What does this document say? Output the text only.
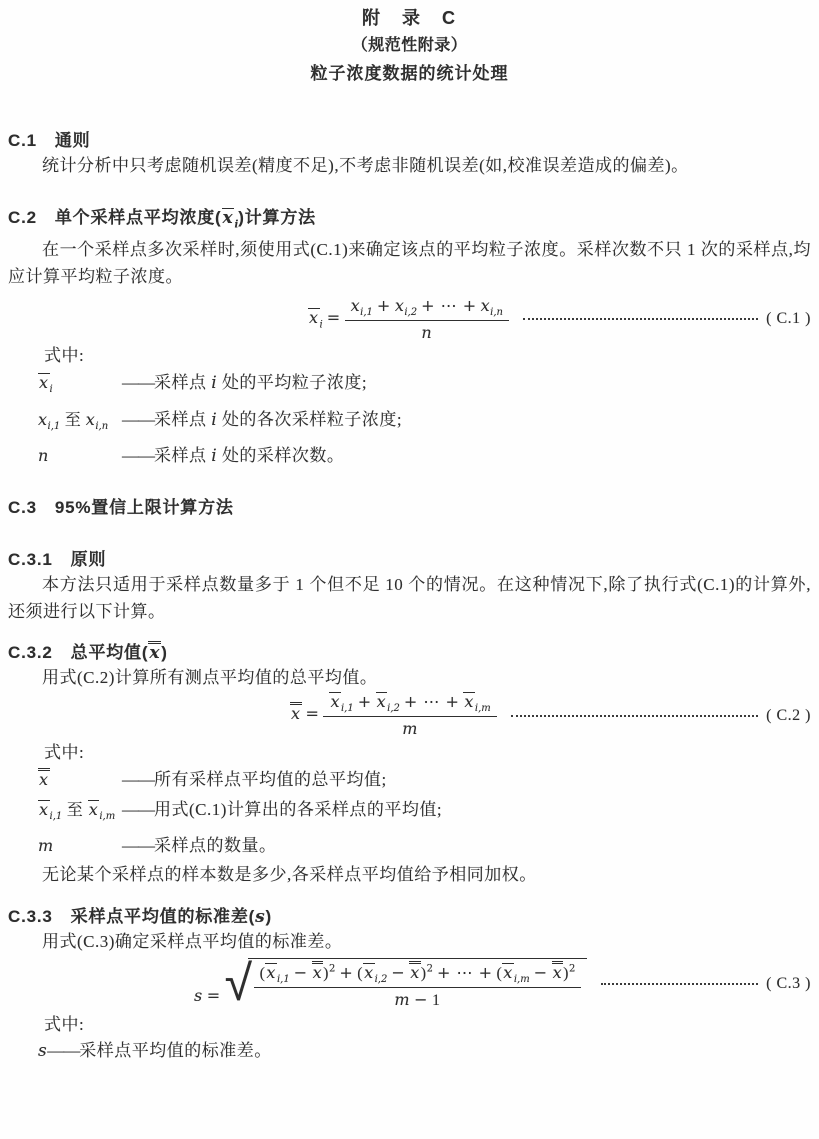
附　录　C
（规范性附录）
粒子浓度数据的统计处理
C.1 通则

统计分析中只考虑随机误差(精度不足),不考虑非随机误差(如,校准误差造成的偏差)。

C.2 单个采样点平均浓度$(x_i)$计算方法

在一个采样点多次采样时,须使用式(C.1)来确定该点的平均粒子浓度。采样次数不只 1 次的采样点,均应计算平均粒子浓度。

$x_i = \frac{x_{i,1} + x_{i,2} + \cdots + x_{i,n}}{n}$	( C.1 )
式中:
$x_i$	——采样点 i 处的平均粒子浓度;
$x_{i,1}$ 至 $x_{i,n}$ ——采样点 i 处的各次采样粒子浓度;
n	——采样点 i 处的采样次数。
C.3 95%置信上限计算方法
C.3.1 原则

本方法只适用于采样点数量多于 1 个但不足 10 个的情况。在这种情况下,除了执行式(C.1)的计算外,还须进行以下计算。

C.3.2 总平均值(x)

用式(C.2)计算所有测点平均值的总平均值。

$x = \frac{x_{i,1} + x_{i,2} + \cdots + x_{i,m}}{m}$	( C.2 )
式中:
x	——所有采样点平均值的总平均值;
$x_{i,1}$ 至 $x_{i,m}$ ——用式(C.1)计算出的各采样点的平均值;
m	——采样点的数量。
无论某个采样点的样本数是多少,各采样点平均值给予相同加权。
C.3.3 采样点平均值的标准差(s)

用式(C.3)确定采样点平均值的标准差。

s = √ $\frac{(x_{i,1} - x)^2 + (x_{i,2} - x)^2 + \cdots + (x_{i,m} - x)^2}{m - 1}$	( C.3 )
式中:
s——采样点平均值的标准差。
